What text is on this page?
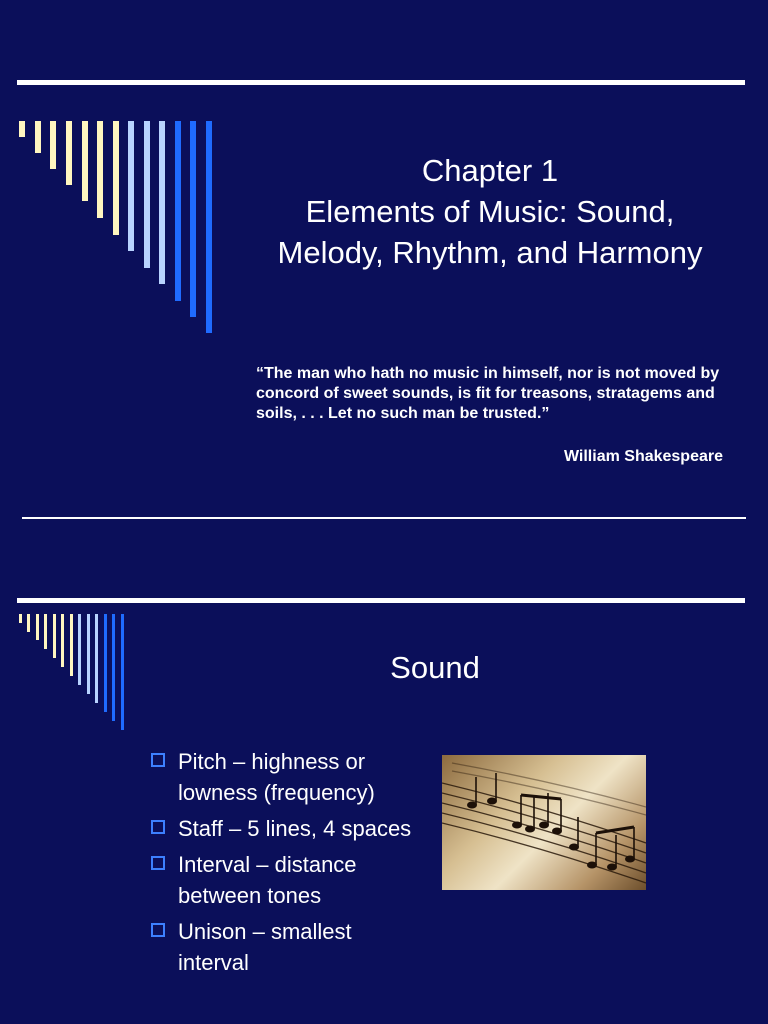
Chapter 1
Elements of Music: Sound,
Melody, Rhythm, and Harmony
“The man who hath no music in himself, nor is not moved by concord of sweet sounds, is fit for treasons, stratagems and soils, . . . Let no such man be trusted.”
William Shakespeare
Sound
Pitch – highness or lowness (frequency)
Staff – 5 lines, 4 spaces
Interval – distance between tones
Unison – smallest interval
